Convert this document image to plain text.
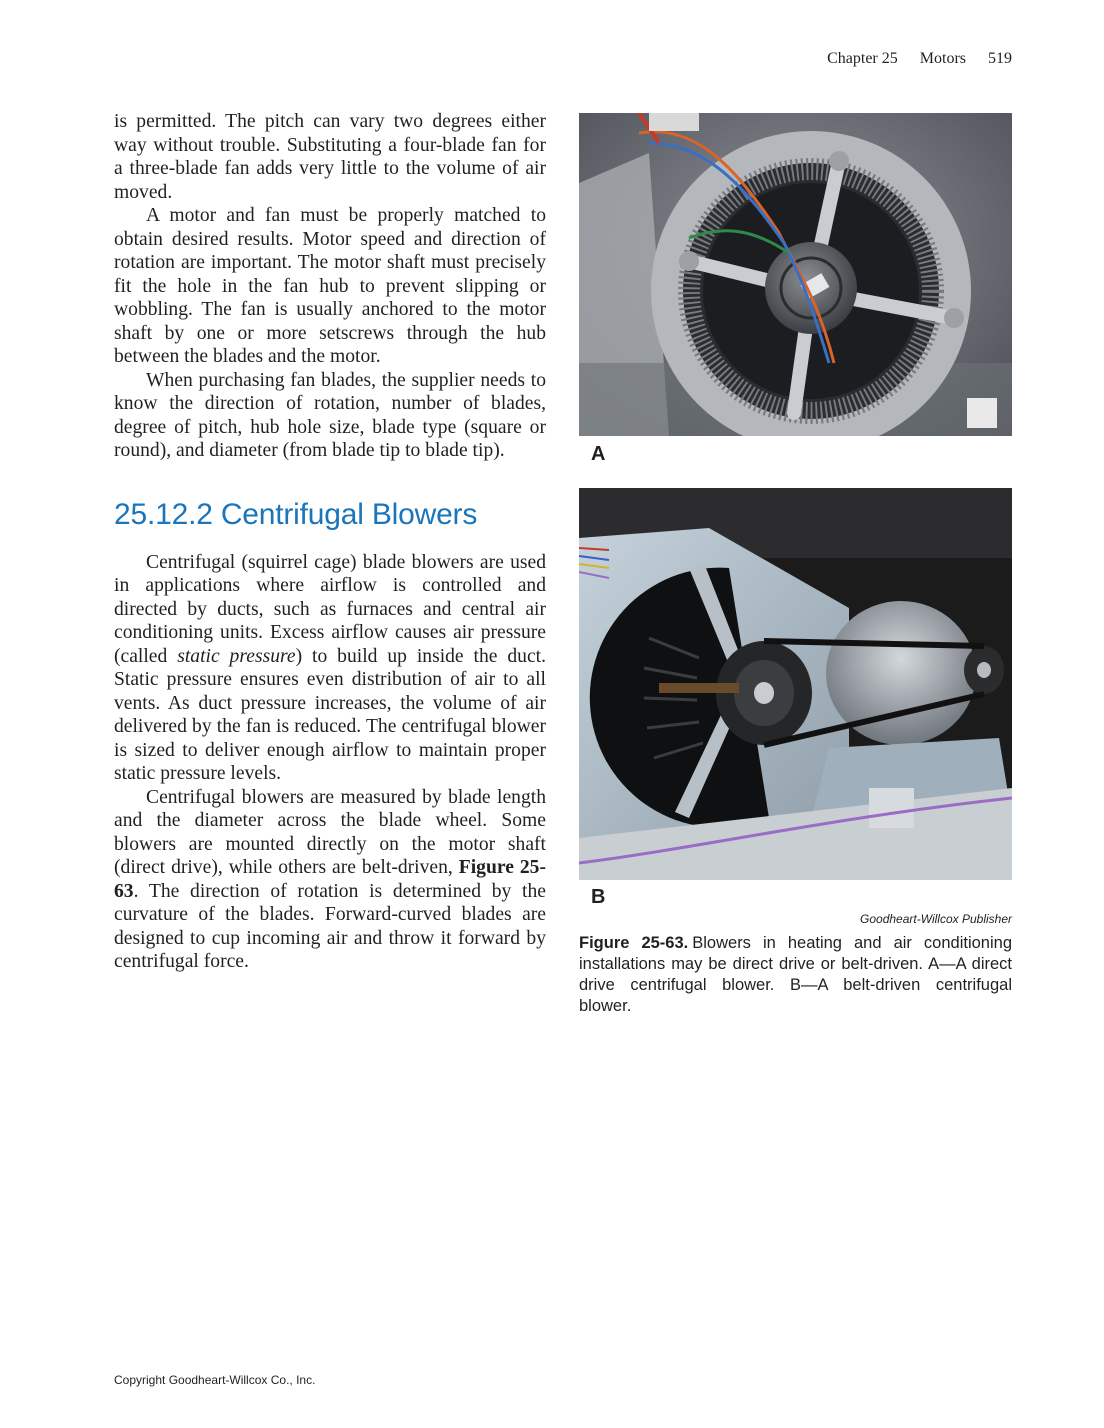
Chapter 25 Motors 519

is permitted. The pitch can vary two degrees either way without trouble. Substituting a four-blade fan for a three-blade fan adds very little to the volume of air moved.

A motor and fan must be properly matched to obtain desired results. Motor speed and direction of rotation are important. The motor shaft must precisely fit the hole in the fan hub to prevent slipping or wobbling. The fan is usually anchored to the motor shaft by one or more setscrews through the hub between the blades and the motor.

When purchasing fan blades, the supplier needs to know the direction of rotation, number of blades, degree of pitch, hub hole size, blade type (square or round), and diameter (from blade tip to blade tip).

25.12.2 Centrifugal Blowers

Centrifugal (squirrel cage) blade blowers are used in applications where airflow is controlled and directed by ducts, such as furnaces and central air conditioning units. Excess airflow causes air pressure (called static pressure) to build up inside the duct. Static pressure ensures even distribution of air to all vents. As duct pressure increases, the volume of air delivered by the fan is reduced. The centrifugal blower is sized to deliver enough airflow to maintain proper static pressure levels.

Centrifugal blowers are measured by blade length and the diameter across the blade wheel. Some blowers are mounted directly on the motor shaft (direct drive), while others are belt-driven, Figure 25-63. The direction of rotation is determined by the curvature of the blades. Forward-curved blades are designed to cup incoming air and throw it forward by centrifugal force.

A
B
Goodheart-Willcox Publisher
Figure 25-63. Blowers in heating and air conditioning installations may be direct drive or belt-driven. A—A direct drive centrifugal blower. B—A belt-driven centrifugal blower.
Copyright Goodheart-Willcox Co., Inc.
